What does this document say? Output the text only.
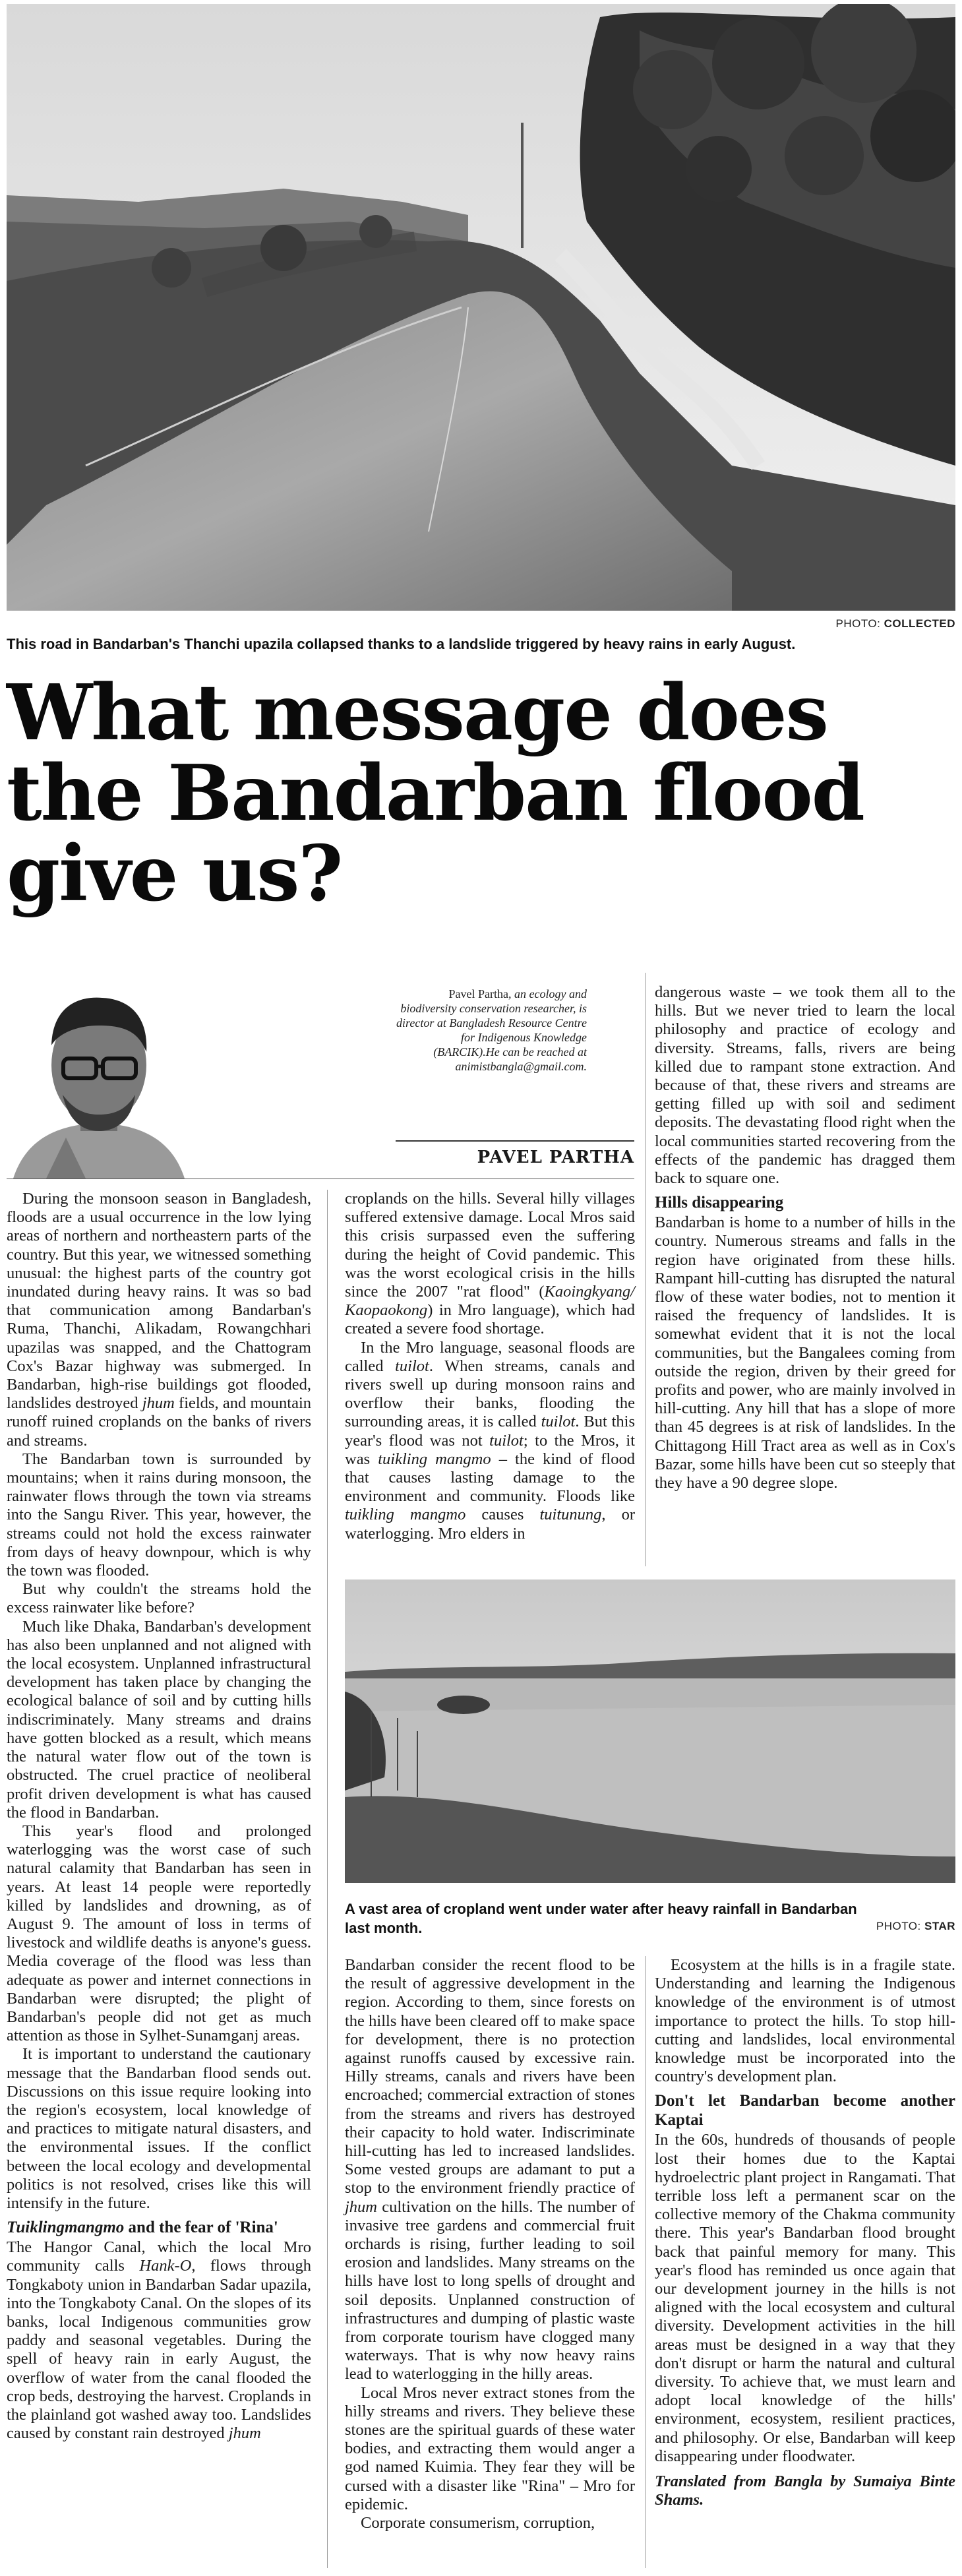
PHOTO: COLLECTED
This road in Bandarban's Thanchi upazila collapsed thanks to a landslide triggered by heavy rains in early August.
What message does
the Bandarban flood
give us?
Pavel Partha, an ecology and biodiversity conservation researcher, is director at Bangladesh Resource Centre for Indigenous Knowledge (BARCIK).He can be reached at animistbangla@gmail.com.
PAVEL PARTHA
A vast area of cropland went under water after heavy rainfall in Bandarban last month.	PHOTO: STAR

During the monsoon season in Bangladesh, floods are a usual occurrence in the low lying areas of northern and northeastern parts of the country. But this year, we witnessed something unusual: the highest parts of the country got inundated during heavy rains. It was so bad that communication among Bandarban's Ruma, Thanchi, Alikadam, Rowangchhari upazilas was snapped, and the Chattogram Cox's Bazar highway was submerged. In Bandarban, high-rise buildings got flooded, landslides destroyed jhum fields, and mountain runoff ruined croplands on the banks of rivers and streams.

The Bandarban town is surrounded by mountains; when it rains during monsoon, the rainwater flows through the town via streams into the Sangu River. This year, however, the streams could not hold the excess rainwater from days of heavy downpour, which is why the town was flooded.

But why couldn't the streams hold the excess rainwater like before?

Much like Dhaka, Bandarban's development has also been unplanned and not aligned with the local ecosystem. Unplanned infrastructural development has taken place by changing the ecological balance of soil and by cutting hills indiscriminately. Many streams and drains have gotten blocked as a result, which means the natural water flow out of the town is obstructed. The cruel practice of neoliberal profit driven development is what has caused the flood in Bandarban.

This year's flood and prolonged waterlogging was the worst case of such natural calamity that Bandarban has seen in years. At least 14 people were reportedly killed by landslides and drowning, as of August 9. The amount of loss in terms of livestock and wildlife deaths is anyone's guess. Media coverage of the flood was less than adequate as power and internet connections in Bandarban were disrupted; the plight of Bandarban's people did not get as much attention as those in Sylhet-Sunamganj areas.

It is important to understand the cautionary message that the Bandarban flood sends out. Discussions on this issue require looking into the region's ecosystem, local knowledge of and practices to mitigate natural disasters, and the environmental issues. If the conflict between the local ecology and developmental politics is not resolved, crises like this will intensify in the future.

Tuiklingmangmo and the fear of 'Rina'

The Hangor Canal, which the local Mro community calls Hank-O, flows through Tongkaboty union in Bandarban Sadar upazila, into the Tongkaboty Canal. On the slopes of its banks, local Indigenous communities grow paddy and seasonal vegetables. During the spell of heavy rain in early August, the overflow of water from the canal flooded the crop beds, destroying the harvest. Croplands in the plainland got washed away too. Landslides caused by constant rain destroyed jhum

croplands on the hills. Several hilly villages suffered extensive damage. Local Mros said this crisis surpassed even the suffering during the height of Covid pandemic. This was the worst ecological crisis in the hills since the 2007 "rat flood" (Kaoingkyang/ Kaopaokong) in Mro language), which had created a severe food shortage.

In the Mro language, seasonal floods are called tuilot. When streams, canals and rivers swell up during monsoon rains and overflow their banks, flooding the surrounding areas, it is called tuilot. But this year's flood was not tuilot; to the Mros, it was tuikling mangmo – the kind of flood that causes lasting damage to the environment and community. Floods like tuikling mangmo causes tuitunung, or waterlogging. Mro elders in

dangerous waste – we took them all to the hills. But we never tried to learn the local philosophy and practice of ecology and diversity. Streams, falls, rivers are being killed due to rampant stone extraction. And because of that, these rivers and streams are getting filled up with soil and sediment deposits. The devastating flood right when the local communities started recovering from the effects of the pandemic has dragged them back to square one.

Hills disappearing

Bandarban is home to a number of hills in the country. Numerous streams and falls in the region have originated from these hills. Rampant hill-cutting has disrupted the natural flow of these water bodies, not to mention it raised the frequency of landslides. It is somewhat evident that it is not the local communities, but the Bangalees coming from outside the region, driven by their greed for profits and power, who are mainly involved in hill-cutting. Any hill that has a slope of more than 45 degrees is at risk of landslides. In the Chittagong Hill Tract area as well as in Cox's Bazar, some hills have been cut so steeply that they have a 90 degree slope.

Bandarban consider the recent flood to be the result of aggressive development in the region. According to them, since forests on the hills have been cleared off to make space for development, there is no protection against runoffs caused by excessive rain. Hilly streams, canals and rivers have been encroached; commercial extraction of stones from the streams and rivers has destroyed their capacity to hold water. Indiscriminate hill-cutting has led to increased landslides. Some vested groups are adamant to put a stop to the environment friendly practice of jhum cultivation on the hills. The number of invasive tree gardens and commercial fruit orchards is rising, further leading to soil erosion and landslides. Many streams on the hills have lost to long spells of drought and soil deposits. Unplanned construction of infrastructures and dumping of plastic waste from corporate tourism have clogged many waterways. That is why now heavy rains lead to waterlogging in the hilly areas.

Local Mros never extract stones from the hilly streams and rivers. They believe these stones are the spiritual guards of these water bodies, and extracting them would anger a god named Kuimia. They fear they will be cursed with a disaster like "Rina" – Mro for epidemic.

Corporate consumerism, corruption,

Ecosystem at the hills is in a fragile state. Understanding and learning the Indigenous knowledge of the environment is of utmost importance to protect the hills. To stop hill-cutting and landslides, local environmental knowledge must be incorporated into the country's development plan.

Don't let Bandarban become another Kaptai

In the 60s, hundreds of thousands of people lost their homes due to the Kaptai hydroelectric plant project in Rangamati. That terrible loss left a permanent scar on the collective memory of the Chakma community there. This year's Bandarban flood brought back that painful memory for many. This year's flood has reminded us once again that our development journey in the hills is not aligned with the local ecosystem and cultural diversity. Development activities in the hill areas must be designed in a way that they don't disrupt or harm the natural and cultural diversity. To achieve that, we must learn and adopt local knowledge of the hills' environment, ecosystem, resilient practices, and philosophy. Or else, Bandarban will keep disappearing under floodwater.

Translated from Bangla by Sumaiya Binte Shams.
